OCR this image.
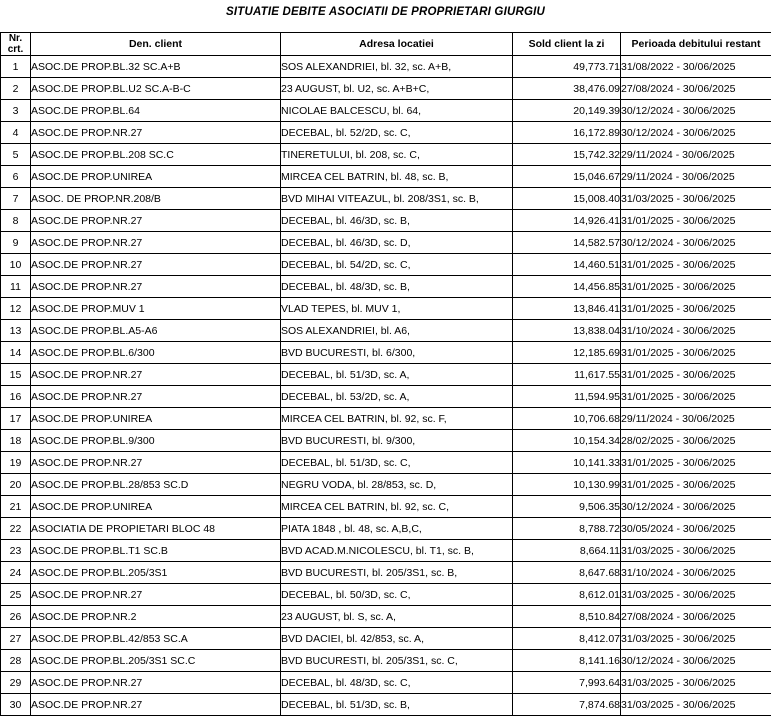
SITUATIE DEBITE ASOCIATII DE PROPRIETARI GIURGIU
Nr.
crt.	Den. client	Adresa locatiei	Sold client la zi	Perioada debitului restant
1	ASOC.DE PROP.BL.32 SC.A+B	SOS ALEXANDRIEI, bl. 32, sc. A+B,	49,773.71	31/08/2022 - 30/06/2025
2	ASOC.DE PROP.BL.U2 SC.A-B-C	23 AUGUST, bl. U2, sc. A+B+C,	38,476.09	27/08/2024 - 30/06/2025
3	ASOC.DE PROP.BL.64	NICOLAE BALCESCU, bl. 64,	20,149.39	30/12/2024 - 30/06/2025
4	ASOC.DE PROP.NR.27	DECEBAL, bl. 52/2D, sc. C,	16,172.89	30/12/2024 - 30/06/2025
5	ASOC.DE PROP.BL.208 SC.C	TINERETULUI, bl. 208, sc. C,	15,742.32	29/11/2024 - 30/06/2025
6	ASOC.DE PROP.UNIREA	MIRCEA CEL BATRIN, bl. 48, sc. B,	15,046.67	29/11/2024 - 30/06/2025
7	ASOC. DE PROP.NR.208/B	BVD MIHAI VITEAZUL, bl. 208/3S1, sc. B,	15,008.40	31/03/2025 - 30/06/2025
8	ASOC.DE PROP.NR.27	DECEBAL, bl. 46/3D, sc. B,	14,926.41	31/01/2025 - 30/06/2025
9	ASOC.DE PROP.NR.27	DECEBAL, bl. 46/3D, sc. D,	14,582.57	30/12/2024 - 30/06/2025
10	ASOC.DE PROP.NR.27	DECEBAL, bl. 54/2D, sc. C,	14,460.51	31/01/2025 - 30/06/2025
11	ASOC.DE PROP.NR.27	DECEBAL, bl. 48/3D, sc. B,	14,456.85	31/01/2025 - 30/06/2025
12	ASOC.DE PROP.MUV 1	VLAD TEPES, bl. MUV 1,	13,846.41	31/01/2025 - 30/06/2025
13	ASOC.DE PROP.BL.A5-A6	SOS ALEXANDRIEI, bl. A6,	13,838.04	31/10/2024 - 30/06/2025
14	ASOC.DE PROP.BL.6/300	BVD BUCURESTI, bl. 6/300,	12,185.69	31/01/2025 - 30/06/2025
15	ASOC.DE PROP.NR.27	DECEBAL, bl. 51/3D, sc. A,	11,617.55	31/01/2025 - 30/06/2025
16	ASOC.DE PROP.NR.27	DECEBAL, bl. 53/2D, sc. A,	11,594.95	31/01/2025 - 30/06/2025
17	ASOC.DE PROP.UNIREA	MIRCEA CEL BATRIN, bl. 92, sc. F,	10,706.68	29/11/2024 - 30/06/2025
18	ASOC.DE PROP.BL.9/300	BVD BUCURESTI, bl. 9/300,	10,154.34	28/02/2025 - 30/06/2025
19	ASOC.DE PROP.NR.27	DECEBAL, bl. 51/3D, sc. C,	10,141.33	31/01/2025 - 30/06/2025
20	ASOC.DE PROP.BL.28/853 SC.D	NEGRU VODA, bl. 28/853, sc. D,	10,130.99	31/01/2025 - 30/06/2025
21	ASOC.DE PROP.UNIREA	MIRCEA CEL BATRIN, bl. 92, sc. C,	9,506.35	30/12/2024 - 30/06/2025
22	ASOCIATIA DE PROPIETARI BLOC 48	PIATA 1848 , bl. 48, sc. A,B,C,	8,788.72	30/05/2024 - 30/06/2025
23	ASOC.DE PROP.BL.T1 SC.B	BVD ACAD.M.NICOLESCU, bl. T1, sc. B,	8,664.11	31/03/2025 - 30/06/2025
24	ASOC.DE PROP.BL.205/3S1	BVD BUCURESTI, bl. 205/3S1, sc. B,	8,647.68	31/10/2024 - 30/06/2025
25	ASOC.DE PROP.NR.27	DECEBAL, bl. 50/3D, sc. C,	8,612.01	31/03/2025 - 30/06/2025
26	ASOC.DE PROP.NR.2	23 AUGUST, bl. S, sc. A,	8,510.84	27/08/2024 - 30/06/2025
27	ASOC.DE PROP.BL.42/853 SC.A	BVD DACIEI, bl. 42/853, sc. A,	8,412.07	31/03/2025 - 30/06/2025
28	ASOC.DE PROP.BL.205/3S1 SC.C	BVD BUCURESTI, bl. 205/3S1, sc. C,	8,141.16	30/12/2024 - 30/06/2025
29	ASOC.DE PROP.NR.27	DECEBAL, bl. 48/3D, sc. C,	7,993.64	31/03/2025 - 30/06/2025
30	ASOC.DE PROP.NR.27	DECEBAL, bl. 51/3D, sc. B,	7,874.68	31/03/2025 - 30/06/2025
